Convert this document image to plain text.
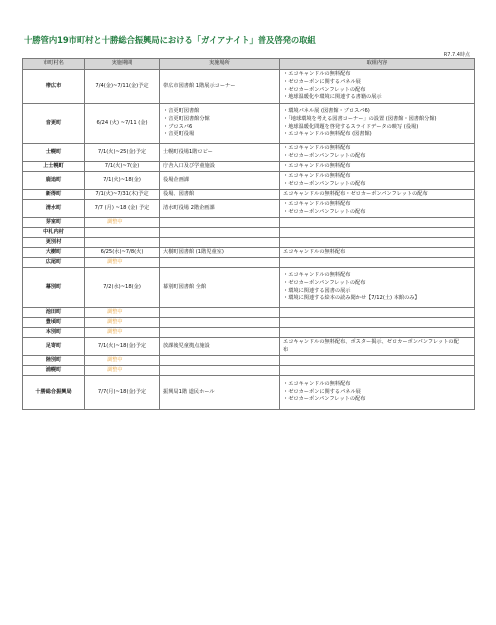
十勝管内19市町村と十勝総合振興局における「ガイアナイト」普及啓発の取組
R7.7.4時点
市町村名	実施期間	実施場所	取組内容
帯広市	7/4(金)~7/11(金)予定	帯広市図書館 1階展示コーナー	・エコキャンドルの無料配布
・ゼロカーボンに関するパネル展
・ゼロカーボンパンフレットの配布
・地球温暖化や環境に関連する書籍の展示

音更町	6/24 (火) ~7/11 (金)	・音更町図書館
・音更町図書館分館
・ブロスパ6
・音更町役場	・環境パネル展 (図書館・ブロスパ6)
・「地球環境を考える図書コーナー」の設置 (図書館・図書館分館)
・地球温暖化問題を啓発するスライドデータの映写 (役場)
・エコキャンドルの無料配布 (図書館)

士幌町	7/1(火)~25(金)予定	士幌町役場1階ロビー	・エコキャンドルの無料配布
・ゼロカーボンパンフレットの配布

上士幌町	7/1(火)~7(金)	庁舎入口及び学童施設	・エコキャンドルの無料配布

鹿追町	7/1(火)~18(金)	役場企画課	・エコキャンドルの無料配布
・ゼロカーボンパンフレットの配布

新得町	7/1(火)~7/31(木)予定	役場、図書館	エコキャンドルの無料配布・ゼロカーボンパンフレットの配布

清水町	7/7 (月) ~18 (金) 予定	清水町役場 2階企画課	・エコキャンドルの無料配布
・ゼロカーボンパンフレットの配布

芽室町	調整中		
中札内村			
更別村			
大樹町	6/25(水)~7/8(火)	大樹町図書館 (1階児童室)	エコキャンドルの無料配布

広尾町	調整中		
幕別町	7/2(水)~18(金)	幕別町図書館 全館	・エコキャンドルの無料配布
・ゼロカーボンパンフレットの配布
・環境に関連する図書の展示
・環境に関連する絵本の読み聞かせ【7/12(土) 本館のみ】

池田町	調整中		
豊頃町	調整中		
本別町	調整中		
足寄町	7/1(火)~18(金)予定	放課後児童拠点施設	エコキャンドルの無料配布、ポスター掲示、ゼロカーボンパンフレットの配
布

陸別町	調整中		
浦幌町	調整中		
十勝総合振興局	7/7(月)~18(金)予定	振興局1階 道民ホール	・エコキャンドルの無料配布
・ゼロカーボンに関するパネル展
・ゼロカーボンパンフレットの配布
